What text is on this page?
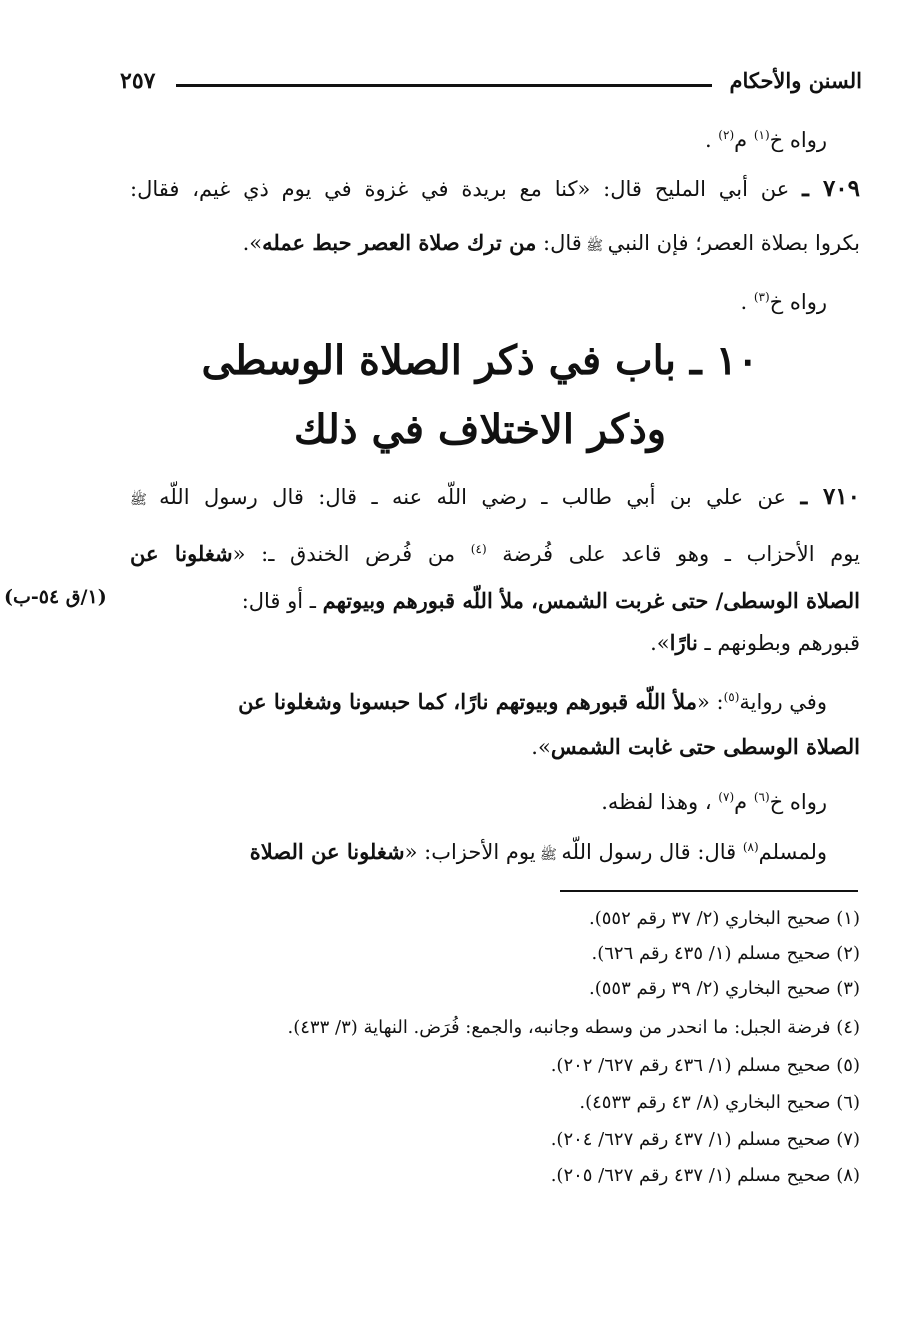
السنن والأحكام
٢٥٧
رواه خ$^{(١)}$ م$^{(٢)}$ .
٧٠٩ ـ عن أبي المليح قال: «كنا مع بريدة في غزوة في يوم ذي غيم، فقال:
بكروا بصلاة العصر؛ فإن النبي ﷺ قال: من ترك صلاة العصر حبط عمله».
رواه خ$^{(٣)}$ .
١٠ ـ باب في ذكر الصلاة الوسطى
وذكر الاختلاف في ذلك
٧١٠ ـ عن علي بن أبي طالب ـ رضي اللّه عنه ـ قال: قال رسول اللّه ﷺ
يوم الأحزاب ـ وهو قاعد على فُرضة $^{(٤)}$ من فُرض الخندق ـ: «شغلونا عن
الصلاة الوسطى/ حتى غربت الشمس، ملأ اللّه قبورهم وبيوتهم ـ أو قال:
(١/ق ٥٤-ب)
قبورهم وبطونهم ـ نارًا».
وفي رواية$^{(٥)}$: «ملأ اللّه قبورهم وبيوتهم نارًا، كما حبسونا وشغلونا عن
الصلاة الوسطى حتى غابت الشمس».
رواه خ$^{(٦)}$ م$^{(٧)}$ ، وهذا لفظه.
ولمسلم$^{(٨)}$ قال: قال رسول اللّه ﷺ يوم الأحزاب: «شغلونا عن الصلاة
(١) صحيح البخاري (٢/ ٣٧ رقم ٥٥٢).
(٢) صحيح مسلم (١/ ٤٣٥ رقم ٦٢٦).
(٣) صحيح البخاري (٢/ ٣٩ رقم ٥٥٣).
(٤) فرضة الجبل: ما انحدر من وسطه وجانبه، والجمع: فُرَض. النهاية (٣/ ٤٣٣).
(٥) صحيح مسلم (١/ ٤٣٦ رقم ٦٢٧/ ٢٠٢).
(٦) صحيح البخاري (٨/ ٤٣ رقم ٤٥٣٣).
(٧) صحيح مسلم (١/ ٤٣٧ رقم ٦٢٧/ ٢٠٤).
(٨) صحيح مسلم (١/ ٤٣٧ رقم ٦٢٧/ ٢٠٥).
